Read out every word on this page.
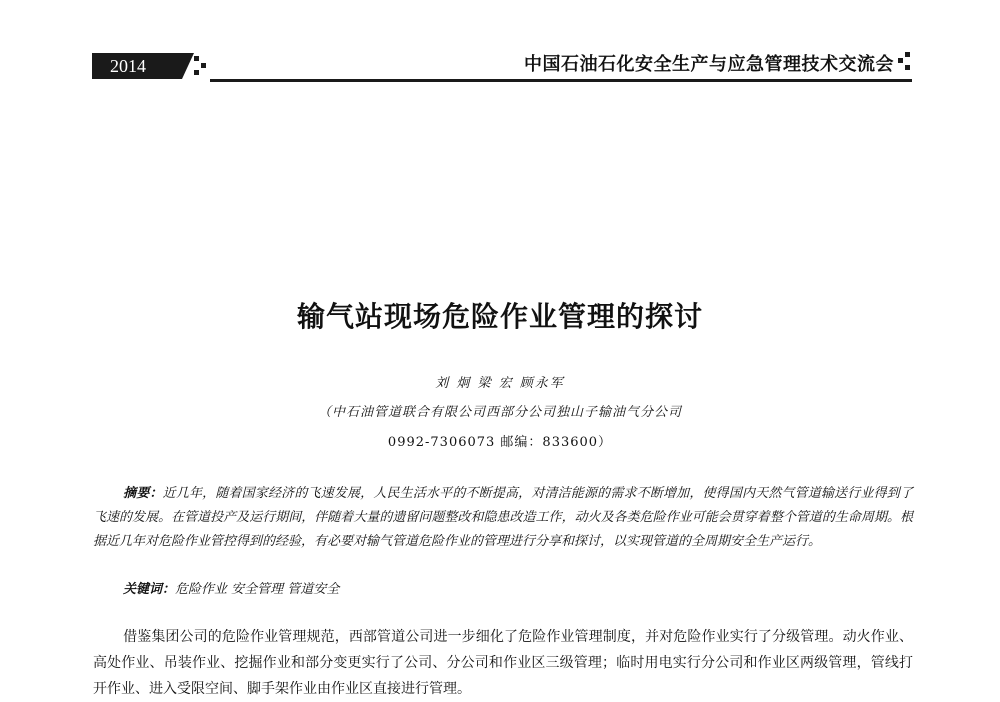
2014	中国石油石化安全生产与应急管理技术交流会
输气站现场危险作业管理的探讨
刘 炯 梁 宏 顾永军
（中石油管道联合有限公司西部分公司独山子输油气分公司
0992-7306073 邮编：833600）
摘要：近几年，随着国家经济的飞速发展，人民生活水平的不断提高，对清洁能源的需求不断增加，使得国内天然气管道输送行业得到了飞速的发展。在管道投产及运行期间，伴随着大量的遗留问题整改和隐患改造工作，动火及各类危险作业可能会贯穿着整个管道的生命周期。根据近几年对危险作业管控得到的经验，有必要对输气管道危险作业的管理进行分享和探讨，以实现管道的全周期安全生产运行。
关键词：危险作业 安全管理 管道安全
借鉴集团公司的危险作业管理规范，西部管道公司进一步细化了危险作业管理制度，并对危险作业实行了分级管理。动火作业、高处作业、吊装作业、挖掘作业和部分变更实行了公司、分公司和作业区三级管理；临时用电实行分公司和作业区两级管理，管线打开作业、进入受限空间、脚手架作业由作业区直接进行管理。
